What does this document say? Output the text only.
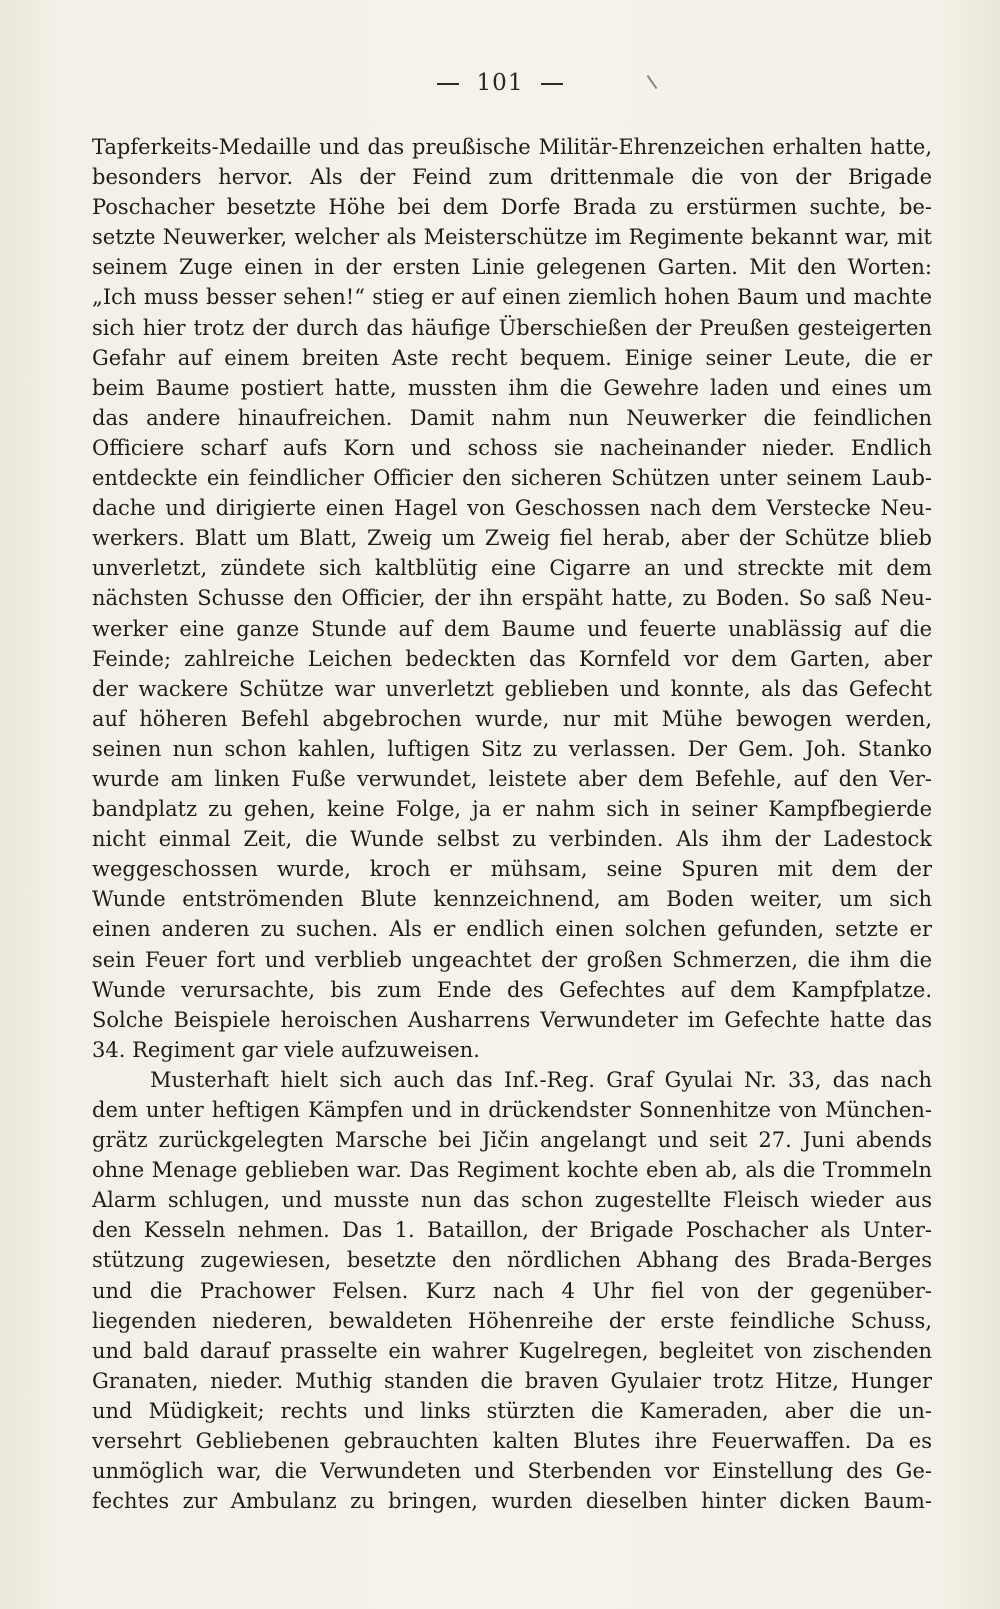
101
Tapferkeits-Medaille und das preußische Militär-Ehrenzeichen erhalten hatte,
besonders hervor. Als der Feind zum drittenmale die von der Brigade
Poschacher besetzte Höhe bei dem Dorfe Brada zu erstürmen suchte, be-
setzte Neuwerker, welcher als Meisterschütze im Regimente bekannt war, mit
seinem Zuge einen in der ersten Linie gelegenen Garten. Mit den Worten:
„Ich muss besser sehen!“ stieg er auf einen ziemlich hohen Baum und machte
sich hier trotz der durch das häufige Überschießen der Preußen gesteigerten
Gefahr auf einem breiten Aste recht bequem. Einige seiner Leute, die er
beim Baume postiert hatte, mussten ihm die Gewehre laden und eines um
das andere hinaufreichen. Damit nahm nun Neuwerker die feindlichen
Officiere scharf aufs Korn und schoss sie nacheinander nieder. Endlich
entdeckte ein feindlicher Officier den sicheren Schützen unter seinem Laub-
dache und dirigierte einen Hagel von Geschossen nach dem Verstecke Neu-
werkers. Blatt um Blatt, Zweig um Zweig fiel herab, aber der Schütze blieb
unverletzt, zündete sich kaltblütig eine Cigarre an und streckte mit dem
nächsten Schusse den Officier, der ihn erspäht hatte, zu Boden. So saß Neu-
werker eine ganze Stunde auf dem Baume und feuerte unablässig auf die
Feinde; zahlreiche Leichen bedeckten das Kornfeld vor dem Garten, aber
der wackere Schütze war unverletzt geblieben und konnte, als das Gefecht
auf höheren Befehl abgebrochen wurde, nur mit Mühe bewogen werden,
seinen nun schon kahlen, luftigen Sitz zu verlassen. Der Gem. Joh. Stanko
wurde am linken Fuße verwundet, leistete aber dem Befehle, auf den Ver-
bandplatz zu gehen, keine Folge, ja er nahm sich in seiner Kampfbegierde
nicht einmal Zeit, die Wunde selbst zu verbinden. Als ihm der Ladestock
weggeschossen wurde, kroch er mühsam, seine Spuren mit dem der
Wunde entströmenden Blute kennzeichnend, am Boden weiter, um sich
einen anderen zu suchen. Als er endlich einen solchen gefunden, setzte er
sein Feuer fort und verblieb ungeachtet der großen Schmerzen, die ihm die
Wunde verursachte, bis zum Ende des Gefechtes auf dem Kampfplatze.
Solche Beispiele heroischen Ausharrens Verwundeter im Gefechte hatte das
34. Regiment gar viele aufzuweisen.
Musterhaft hielt sich auch das Inf.-Reg. Graf Gyulai Nr. 33, das nach
dem unter heftigen Kämpfen und in drückendster Sonnenhitze von München-
grätz zurückgelegten Marsche bei Jičin angelangt und seit 27. Juni abends
ohne Menage geblieben war. Das Regiment kochte eben ab, als die Trommeln
Alarm schlugen, und musste nun das schon zugestellte Fleisch wieder aus
den Kesseln nehmen. Das 1. Bataillon, der Brigade Poschacher als Unter-
stützung zugewiesen, besetzte den nördlichen Abhang des Brada-Berges
und die Prachower Felsen. Kurz nach 4 Uhr fiel von der gegenüber-
liegenden niederen, bewaldeten Höhenreihe der erste feindliche Schuss,
und bald darauf prasselte ein wahrer Kugelregen, begleitet von zischenden
Granaten, nieder. Muthig standen die braven Gyulaier trotz Hitze, Hunger
und Müdigkeit; rechts und links stürzten die Kameraden, aber die un-
versehrt Gebliebenen gebrauchten kalten Blutes ihre Feuerwaffen. Da es
unmöglich war, die Verwundeten und Sterbenden vor Einstellung des Ge-
fechtes zur Ambulanz zu bringen, wurden dieselben hinter dicken Baum-
